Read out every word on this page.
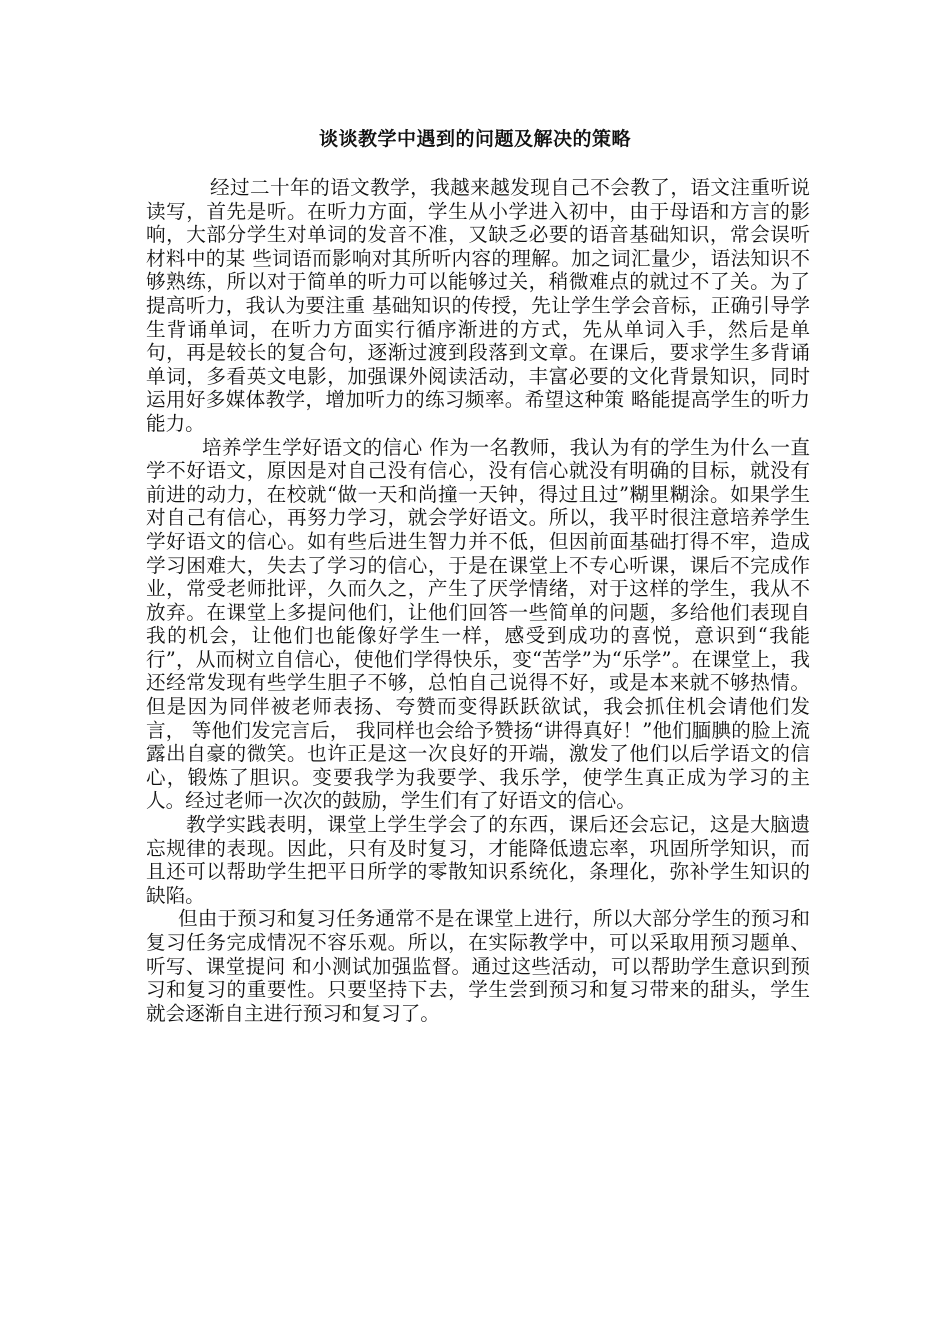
谈谈教学中遇到的问题及解决的策略

经过二十年的语文教学，我越来越发现自己不会教了，语文注重听说读写，首先是听。在听力方面，学生从小学进入初中，由于母语和方言的影响，大部分学生对单词的发音不准，又缺乏必要的语音基础知识，常会误听材料中的某 些词语而影响对其所听内容的理解。加之词汇量少，语法知识不够熟练，所以对于简单的听力可以能够过关，稍微难点的就过不了关。为了提高听力，我认为要注重 基础知识的传授，先让学生学会音标，正确引导学生背诵单词，在听力方面实行循序渐进的方式，先从单词入手，然后是单句，再是较长的复合句，逐渐过渡到段落到文章。在课后，要求学生多背诵单词，多看英文电影，加强课外阅读活动，丰富必要的文化背景知识，同时运用好多媒体教学，增加听力的练习频率。希望这种策 略能提高学生的听力能力。

培养学生学好语文的信心 作为一名教师，我认为有的学生为什么一直学不好语文，原因是对自己没有信心，没有信心就没有明确的目标，就没有前进的动力，在校就“做一天和尚撞一天钟，得过且过”糊里糊涂。如果学生对自己有信心，再努力学习，就会学好语文。所以，我平时很注意培养学生学好语文的信心。如有些后进生智力并不低，但因前面基础打得不牢，造成学习困难大，失去了学习的信心，于是在课堂上不专心听课，课后不完成作业，常受老师批评，久而久之，产生了厌学情绪，对于这样的学生，我从不放弃。在课堂上多提问他们，让他们回答一些简单的问题，多给他们表现自我的机会，让他们也能像好学生一样，感受到成功的喜悦，意识到“我能行”，从而树立自信心，使他们学得快乐，变“苦学”为“乐学”。在课堂上，我还经常发现有些学生胆子不够，总怕自己说得不好，或是本来就不够热情。但是因为同伴被老师表扬、夸赞而变得跃跃欲试，我会抓住机会请他们发言， 等他们发完言后， 我同样也会给予赞扬“讲得真好！”他们腼腆的脸上流露出自豪的微笑。也许正是这一次良好的开端，激发了他们以后学语文的信心，锻炼了胆识。变要我学为我要学、我乐学，使学生真正成为学习的主人。经过老师一次次的鼓励，学生们有了好语文的信心。

教学实践表明，课堂上学生学会了的东西，课后还会忘记，这是大脑遗忘规律的表现。因此，只有及时复习，才能降低遗忘率，巩固所学知识，而且还可以帮助学生把平日所学的零散知识系统化，条理化，弥补学生知识的缺陷。

但由于预习和复习任务通常不是在课堂上进行，所以大部分学生的预习和复习任务完成情况不容乐观。所以，在实际教学中，可以采取用预习题单、听写、课堂提问 和小测试加强监督。通过这些活动，可以帮助学生意识到预习和复习的重要性。只要坚持下去，学生尝到预习和复习带来的甜头，学生就会逐渐自主进行预习和复习了。
